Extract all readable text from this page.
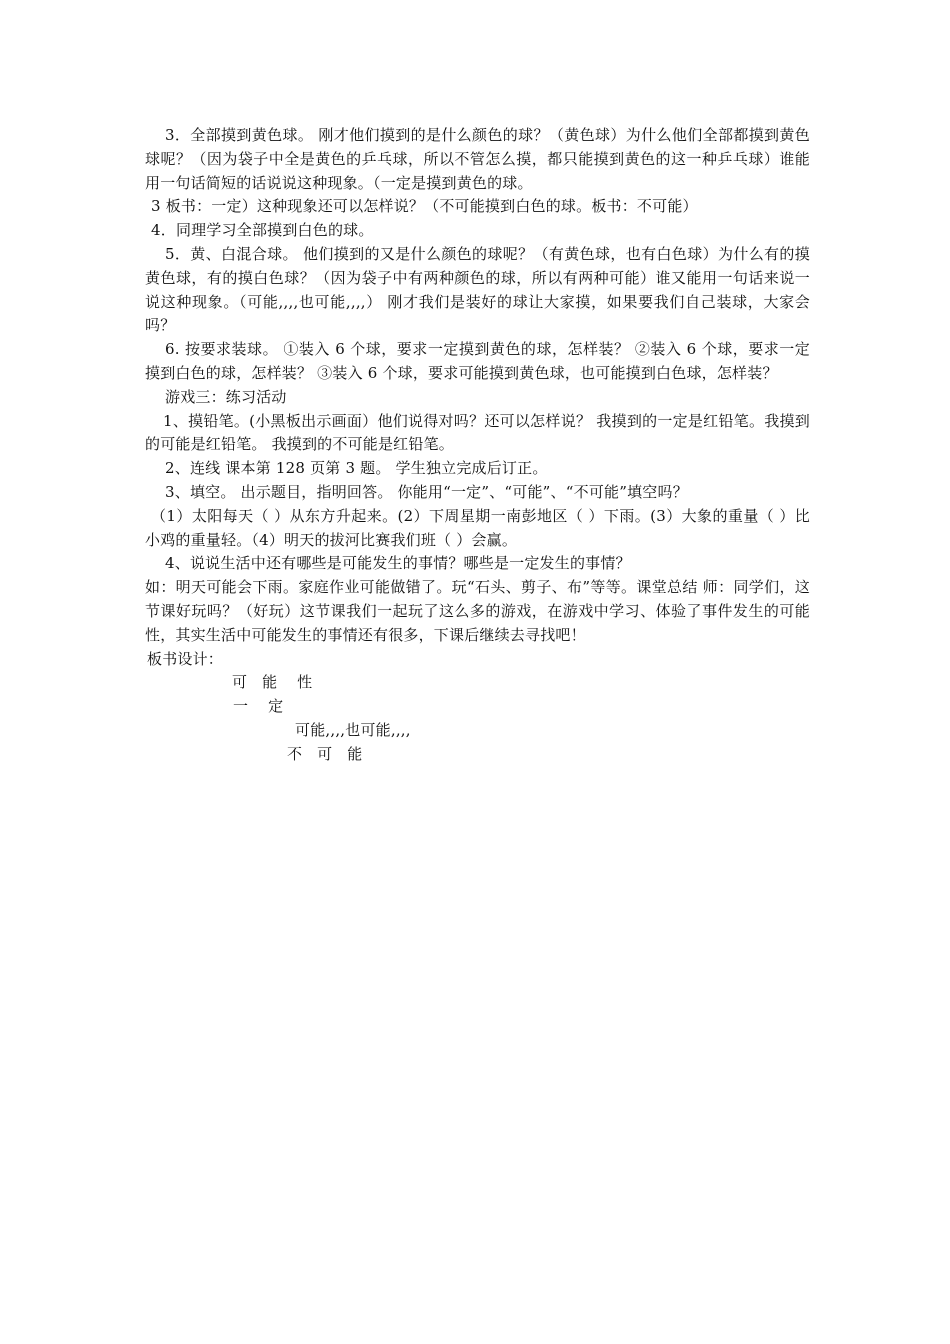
3．全部摸到黄色球。 刚才他们摸到的是什么颜色的球？（黄色球）为什么他们全部都摸到黄色球呢？（因为袋子中全是黄色的乒乓球，所以不管怎么摸，都只能摸到黄色的这一种乒乓球）谁能用一句话简短的话说说这种现象。（一定是摸到黄色的球。

3 板书：一定）这种现象还可以怎样说？（不可能摸到白色的球。板书：不可能）

4．同理学习全部摸到白色的球。

5．黄、白混合球。 他们摸到的又是什么颜色的球呢？（有黄色球，也有白色球）为什么有的摸黄色球，有的摸白色球？（因为袋子中有两种颜色的球，所以有两种可能）谁又能用一句话来说一说这种现象。（可能,,,,也可能,,,,） 刚才我们是装好的球让大家摸，如果要我们自己装球，大家会吗？

6. 按要求装球。 ①装入 6 个球，要求一定摸到黄色的球，怎样装？ ②装入 6 个球，要求一定摸到白色的球，怎样装？ ③装入 6 个球，要求可能摸到黄色球，也可能摸到白色球，怎样装？

游戏三：练习活动

1、摸铅笔。(小黑板出示画面）他们说得对吗？还可以怎样说？ 我摸到的一定是红铅笔。我摸到的可能是红铅笔。 我摸到的不可能是红铅笔。

2、连线 课本第 128 页第 3 题。 学生独立完成后订正。

3、填空。 出示题目，指明回答。 你能用“一定”、“可能”、“不可能”填空吗？

（1）太阳每天（ ）从东方升起来。(2）下周星期一南彭地区（ ）下雨。(3）大象的重量（ ）比小鸡的重量轻。（4）明天的拔河比赛我们班（ ）会赢。

4、说说生活中还有哪些是可能发生的事情？哪些是一定发生的事情？

如：明天可能会下雨。家庭作业可能做错了。玩“石头、剪子、布”等等。课堂总结 师：同学们，这节课好玩吗？（好玩）这节课我们一起玩了这么多的游戏，在游戏中学习、体验了事件发生的可能性，其实生活中可能发生的事情还有很多，下课后继续去寻找吧！

板书设计：

可   能    性

一    定

可能,,,,也可能,,,,

不   可   能
